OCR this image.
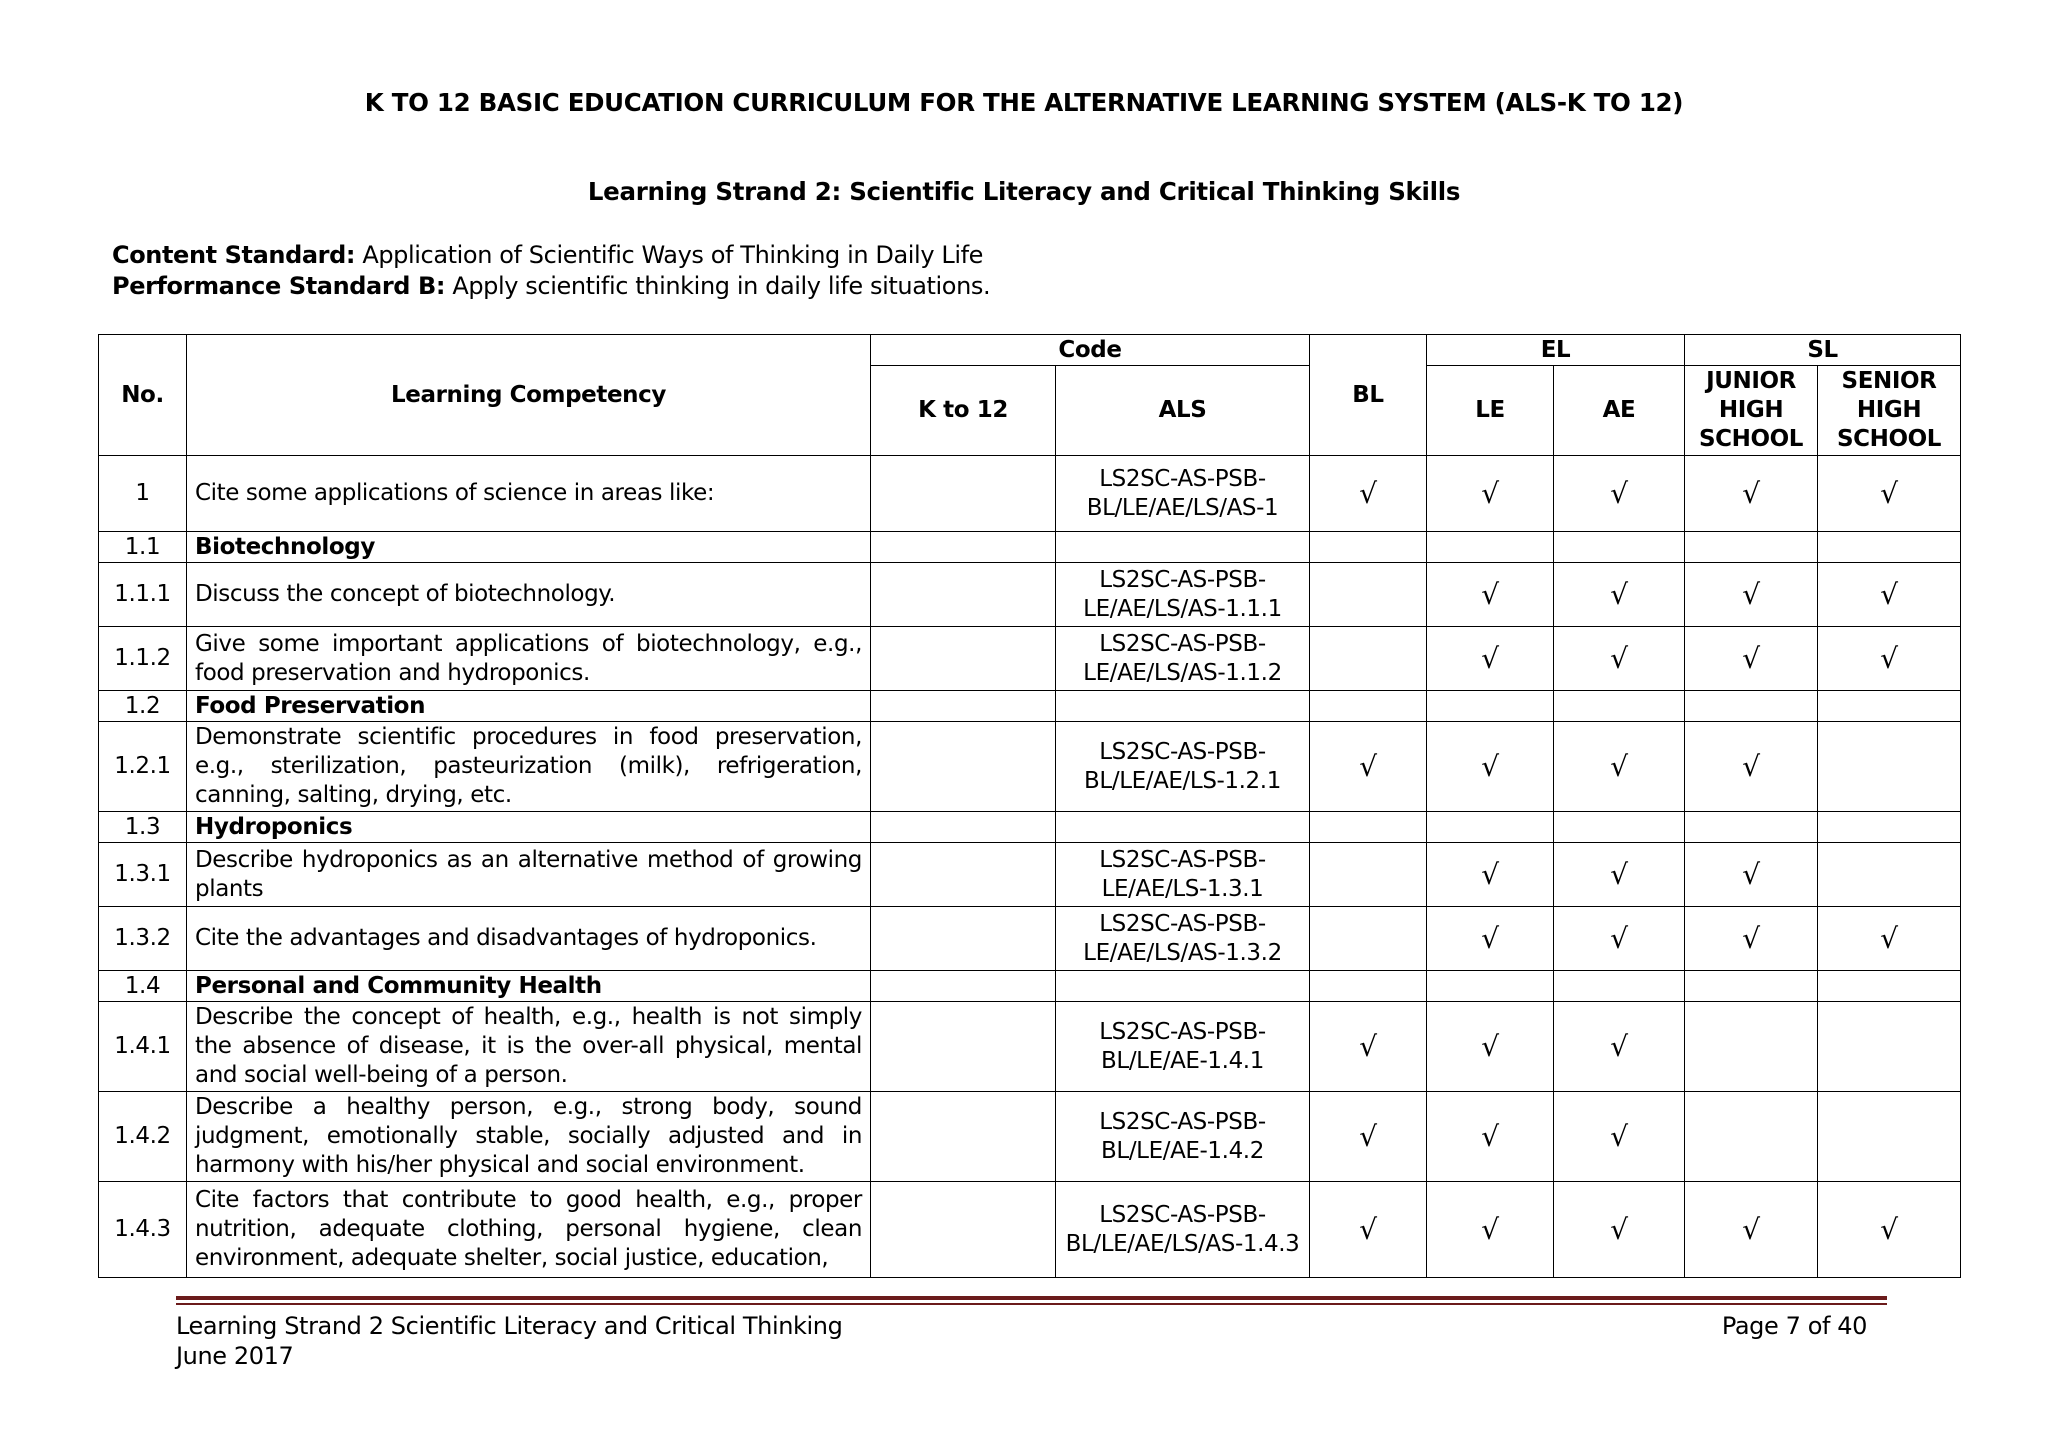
K TO 12 BASIC EDUCATION CURRICULUM FOR THE ALTERNATIVE LEARNING SYSTEM (ALS-K TO 12)
Learning Strand 2: Scientific Literacy and Critical Thinking Skills
Content Standard: Application of Scientific Ways of Thinking in Daily Life
Performance Standard B: Apply scientific thinking in daily life situations.
No.	Learning Competency	Code		BL	EL		SL	
		K to 12	ALS		LE	AE	JUNIOR HIGH SCHOOL	SENIOR HIGH SCHOOL
1	Cite some applications of science in areas like:		LS2SC-AS-PSB-BL/LE/AE/LS/AS-1	√	√	√	√	√
1.1	Biotechnology							
1.1.1	Discuss the concept of biotechnology.		LS2SC-AS-PSB-LE/AE/LS/AS-1.1.1		√	√	√	√
1.1.2	Give some important applications of biotechnology, e.g., food preservation and hydroponics.		LS2SC-AS-PSB-LE/AE/LS/AS-1.1.2		√	√	√	√
1.2	Food Preservation							
1.2.1	Demonstrate scientific procedures in food preservation, e.g., sterilization, pasteurization (milk), refrigeration, canning, salting, drying, etc.		LS2SC-AS-PSB-BL/LE/AE/LS-1.2.1	√	√	√	√	
1.3	Hydroponics							
1.3.1	Describe hydroponics as an alternative method of growing plants		LS2SC-AS-PSB-LE/AE/LS-1.3.1		√	√	√	
1.3.2	Cite the advantages and disadvantages of hydroponics.		LS2SC-AS-PSB-LE/AE/LS/AS-1.3.2		√	√	√	√
1.4	Personal and Community Health							
1.4.1	Describe the concept of health, e.g., health is not simply the absence of disease, it is the over-all physical, mental and social well-being of a person.		LS2SC-AS-PSB-BL/LE/AE-1.4.1	√	√	√		
1.4.2	Describe a healthy person, e.g., strong body, sound judgment, emotionally stable, socially adjusted and in harmony with his/her physical and social environment.		LS2SC-AS-PSB-BL/LE/AE-1.4.2	√	√	√		
1.4.3	Cite factors that contribute to good health, e.g., proper nutrition, adequate clothing, personal hygiene, clean environment, adequate shelter, social justice, education,		LS2SC-AS-PSB-BL/LE/AE/LS/AS-1.4.3	√	√	√	√	√
Learning Strand 2 Scientific Literacy and Critical Thinking
June 2017
Page 7 of 40
